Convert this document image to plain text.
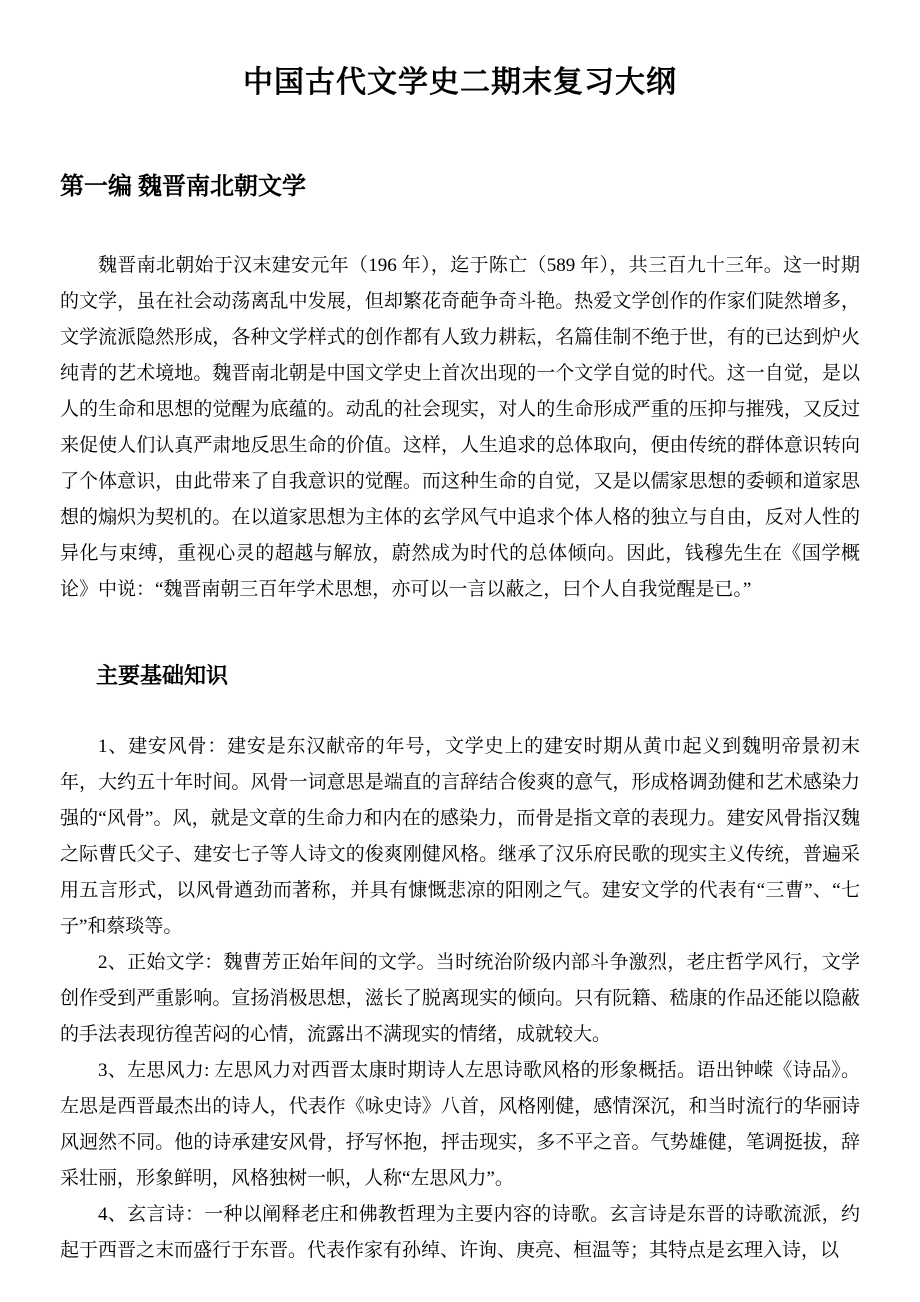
中国古代文学史二期末复习大纲
第一编 魏晋南北朝文学

魏晋南北朝始于汉末建安元年（196 年），迄于陈亡（589 年），共三百九十三年。这一时期的文学，虽在社会动荡离乱中发展，但却繁花奇葩争奇斗艳。热爱文学创作的作家们陡然增多，文学流派隐然形成，各种文学样式的创作都有人致力耕耘，名篇佳制不绝于世，有的已达到炉火纯青的艺术境地。魏晋南北朝是中国文学史上首次出现的一个文学自觉的时代。这一自觉，是以人的生命和思想的觉醒为底蕴的。动乱的社会现实，对人的生命形成严重的压抑与摧残，又反过来促使人们认真严肃地反思生命的价值。这样，人生追求的总体取向，便由传统的群体意识转向了个体意识，由此带来了自我意识的觉醒。而这种生命的自觉，又是以儒家思想的委顿和道家思想的煽炽为契机的。在以道家思想为主体的玄学风气中追求个体人格的独立与自由，反对人性的异化与束缚，重视心灵的超越与解放，蔚然成为时代的总体倾向。因此，钱穆先生在《国学概论》中说：“魏晋南朝三百年学术思想，亦可以一言以蔽之，曰个人自我觉醒是已。”

主要基础知识

1、建安风骨：建安是东汉献帝的年号，文学史上的建安时期从黄巾起义到魏明帝景初末年，大约五十年时间。风骨一词意思是端直的言辞结合俊爽的意气，形成格调劲健和艺术感染力强的“风骨”。风，就是文章的生命力和内在的感染力，而骨是指文章的表现力。建安风骨指汉魏之际曹氏父子、建安七子等人诗文的俊爽刚健风格。继承了汉乐府民歌的现实主义传统，普遍采用五言形式，以风骨遒劲而著称，并具有慷慨悲凉的阳刚之气。建安文学的代表有“三曹”、“七子”和蔡琰等。

2、正始文学：魏曹芳正始年间的文学。当时统治阶级内部斗争激烈，老庄哲学风行，文学创作受到严重影响。宣扬消极思想，滋长了脱离现实的倾向。只有阮籍、嵇康的作品还能以隐蔽的手法表现彷徨苦闷的心情，流露出不满现实的情绪，成就较大。

3、左思风力: 左思风力对西晋太康时期诗人左思诗歌风格的形象概括。语出钟嵘《诗品》。左思是西晋最杰出的诗人，代表作《咏史诗》八首，风格刚健，感情深沉，和当时流行的华丽诗风迥然不同。他的诗承建安风骨，抒写怀抱，抨击现实，多不平之音。气势雄健，笔调挺拔，辞采壮丽，形象鲜明，风格独树一帜，人称“左思风力”。

4、玄言诗：一种以阐释老庄和佛教哲理为主要内容的诗歌。玄言诗是东晋的诗歌流派，约起于西晋之末而盛行于东晋。代表作家有孙绰、许询、庚亮、桓温等；其特点是玄理入诗，以
